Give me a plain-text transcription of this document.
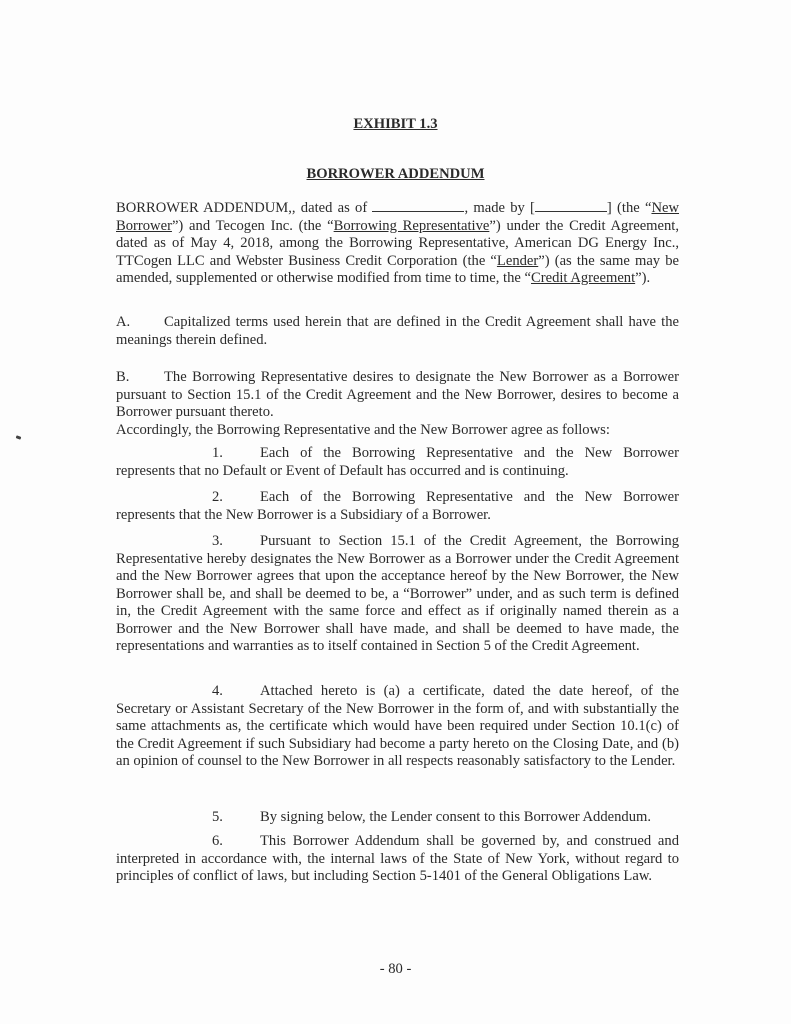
EXHIBIT 1.3
BORROWER ADDENDUM

BORROWER ADDENDUM,, dated as of	, made by [	] (the “New Borrower”) and Tecogen Inc. (the “Borrowing Representative”) under the Credit Agreement, dated as of May 4, 2018, among the Borrowing Representative, American DG Energy Inc., TTCogen LLC and Webster Business Credit Corporation (the “Lender”) (as the same may be amended, supplemented or otherwise modified from time to time, the “Credit Agreement”).

A. Capitalized terms used herein that are defined in the Credit Agreement shall have the meanings therein defined.

B. The Borrowing Representative desires to designate the New Borrower as a Borrower pursuant to Section 15.1 of the Credit Agreement and the New Borrower, desires to become a Borrower pursuant thereto.

Accordingly, the Borrowing Representative and the New Borrower agree as follows:

1.	Each of the Borrowing Representative and the New Borrower represents that no Default or Event of Default has occurred and is continuing.

2.	Each of the Borrowing Representative and the New Borrower represents that the New Borrower is a Subsidiary of a Borrower.

3.	Pursuant to Section 15.1 of the Credit Agreement, the Borrowing Representative hereby designates the New Borrower as a Borrower under the Credit Agreement and the New Borrower agrees that upon the acceptance hereof by the New Borrower, the New Borrower shall be, and shall be deemed to be, a “Borrower” under, and as such term is defined in, the Credit Agreement with the same force and effect as if originally named therein as a Borrower and the New Borrower shall have made, and shall be deemed to have made, the representations and warranties as to itself contained in Section 5 of the Credit Agreement.

4.	Attached hereto is (a) a certificate, dated the date hereof, of the Secretary or Assistant Secretary of the New Borrower in the form of, and with substantially the same attachments as, the certificate which would have been required under Section 10.1(c) of the Credit Agreement if such Subsidiary had become a party hereto on the Closing Date, and (b) an opinion of counsel to the New Borrower in all respects reasonably satisfactory to the Lender.

5.	By signing below, the Lender consent to this Borrower Addendum.

6.	This Borrower Addendum shall be governed by, and construed and interpreted in accordance with, the internal laws of the State of New York, without regard to principles of conflict of laws, but including Section 5-1401 of the General Obligations Law.

- 80 -
